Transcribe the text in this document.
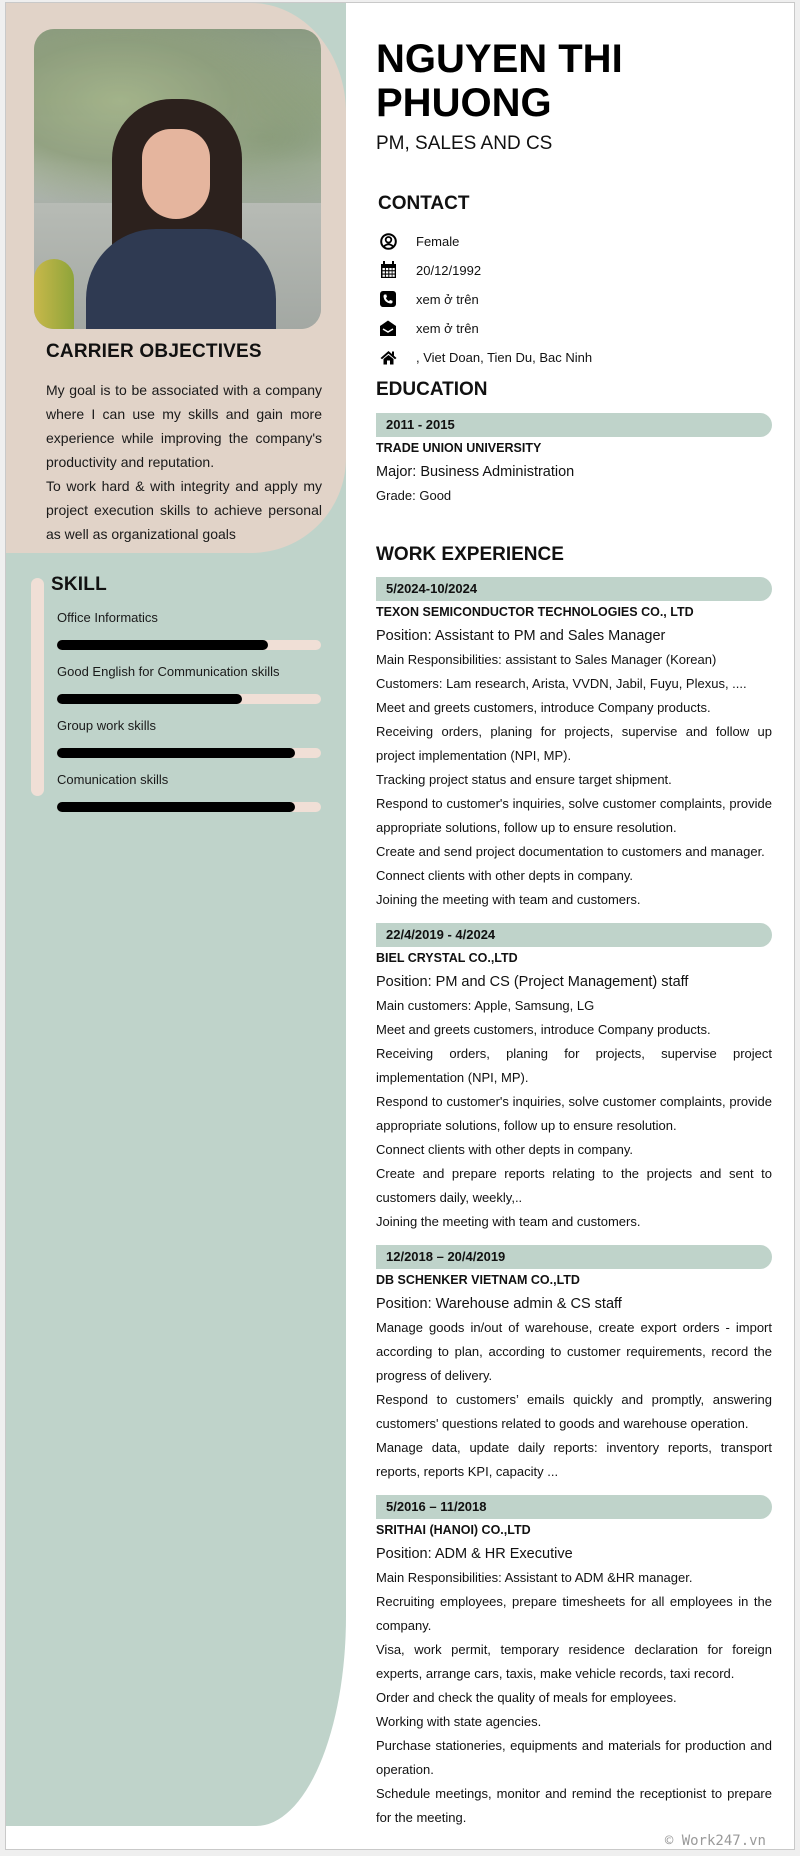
CARRIER OBJECTIVES

My goal is to be associated with a company where I can use my skills and gain more experience while improving the company's productivity and reputation.

To work hard & with integrity and apply my project execution skills to achieve personal as well as organizational goals

SKILL
Office Informatics
Good English for Communication skills
Group work skills
Comunication skills
NGUYEN THI
PHUONG
PM, SALES AND CS
CONTACT
Female
20/12/1992
xem ở trên
xem ở trên
, Viet Doan, Tien Du, Bac Ninh
EDUCATION
2011 - 2015
TRADE UNION UNIVERSITY
Major: Business Administration
Grade: Good
WORK EXPERIENCE
5/2024-10/2024
TEXON SEMICONDUCTOR TECHNOLOGIES CO., LTD
Position: Assistant to PM and Sales Manager
Main Responsibilities: assistant to Sales Manager (Korean)
Customers: Lam research, Arista, VVDN, Jabil, Fuyu, Plexus, ....
Meet and greets customers, introduce Company products.
Receiving orders, planing for projects, supervise and follow up project implementation (NPI, MP).
Tracking project status and ensure target shipment.
Respond to customer's inquiries, solve customer complaints, provide appropriate solutions, follow up to ensure resolution.
Create and send project documentation to customers and manager.
Connect clients with other depts in company.
Joining the meeting with team and customers.
22/4/2019 - 4/2024
BIEL CRYSTAL CO.,LTD
Position: PM and CS (Project Management) staff
Main customers: Apple, Samsung, LG
Meet and greets customers, introduce Company products.
Receiving orders, planing for projects, supervise project implementation (NPI, MP).
Respond to customer's inquiries, solve customer complaints, provide appropriate solutions, follow up to ensure resolution.
Connect clients with other depts in company.
Create and prepare reports relating to the projects and sent to customers daily, weekly,..
Joining the meeting with team and customers.
12/2018 – 20/4/2019
DB SCHENKER VIETNAM CO.,LTD
Position: Warehouse admin & CS staff
Manage goods in/out of warehouse, create export orders - import according to plan, according to customer requirements, record the progress of delivery.
Respond to customers’ emails quickly and promptly, answering customers' questions related to goods and warehouse operation.
Manage data, update daily reports: inventory reports, transport reports, reports KPI, capacity ...
5/2016 – 11/2018
SRITHAI (HANOI) CO.,LTD
Position: ADM & HR Executive
Main Responsibilities: Assistant to ADM &HR manager.
Recruiting employees, prepare timesheets for all employees in the company.
Visa, work permit, temporary residence declaration for foreign experts, arrange cars, taxis, make vehicle records, taxi record.
Order and check the quality of meals for employees.
Working with state agencies.
Purchase stationeries, equipments and materials for production and operation.
Schedule meetings, monitor and remind the receptionist to prepare for the meeting.
© Work247.vn
